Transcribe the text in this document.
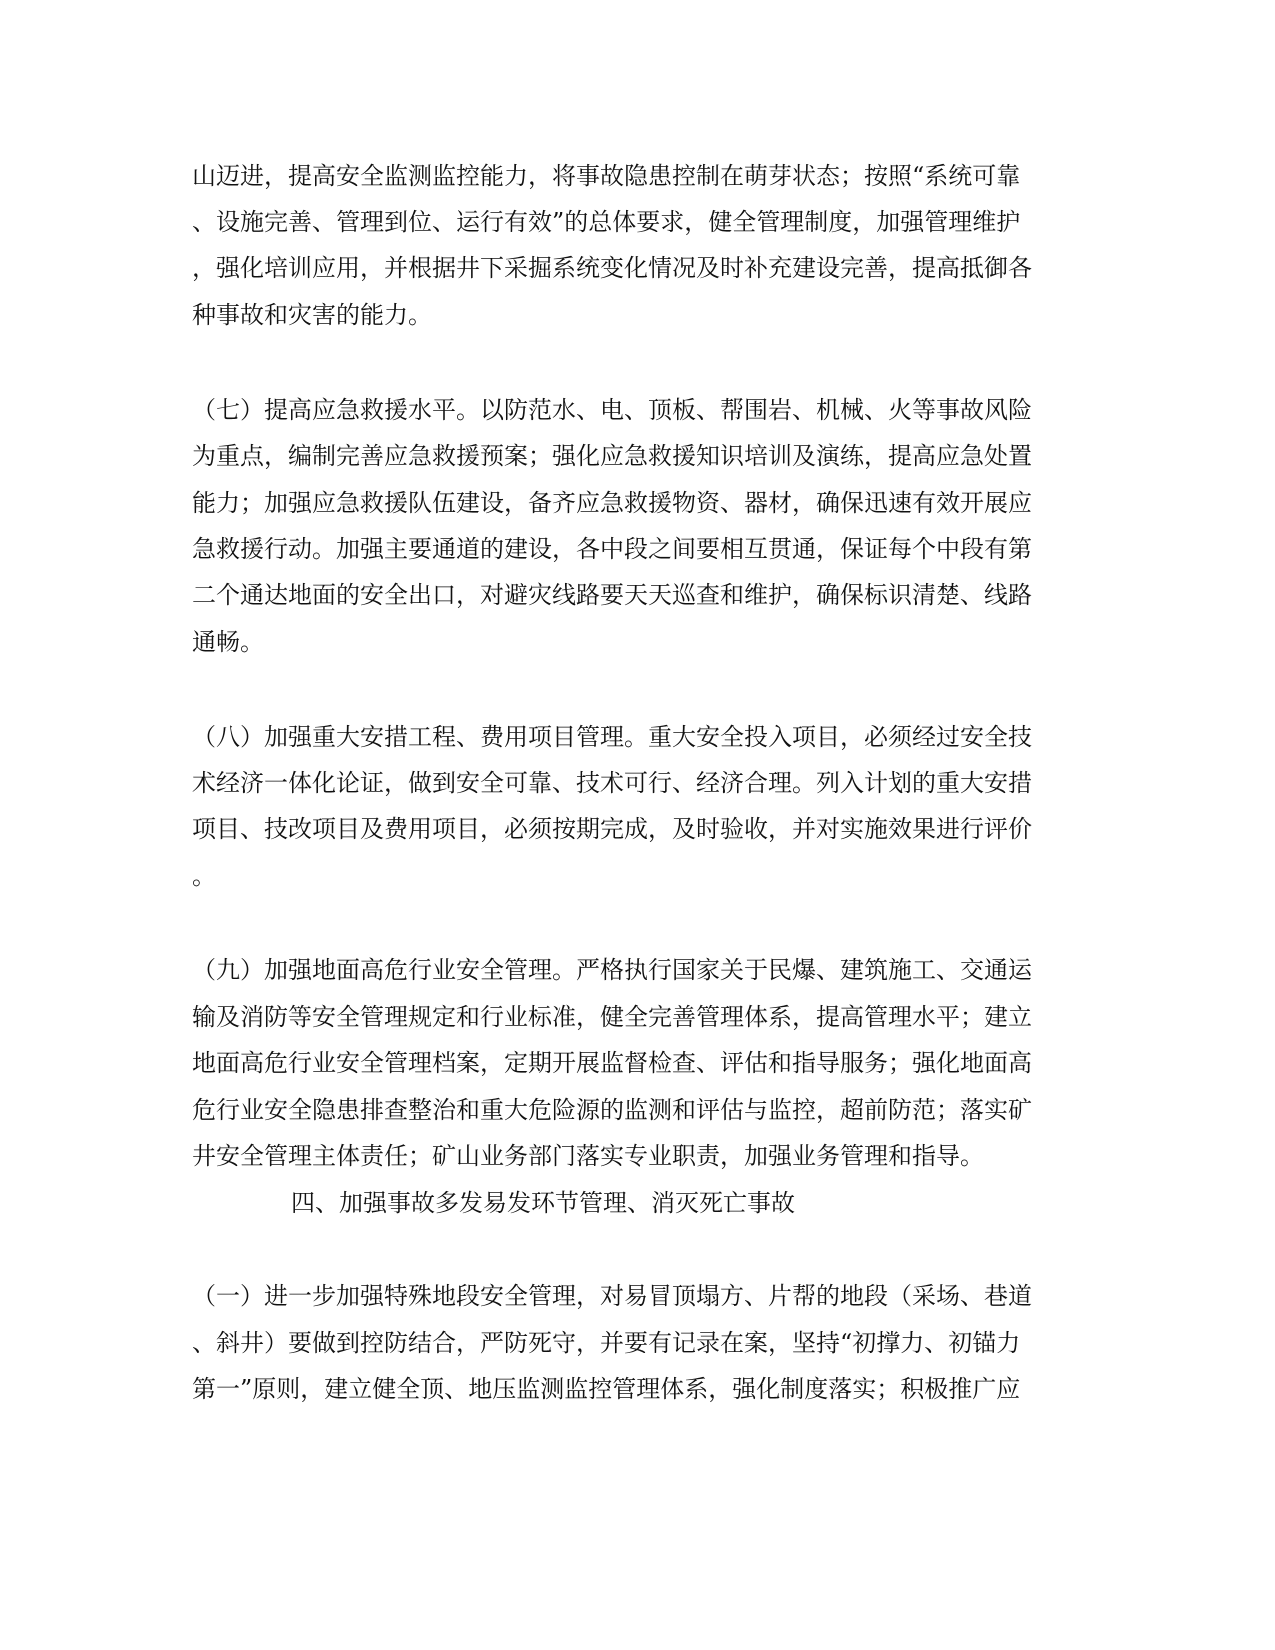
山迈进，提高安全监测监控能力，将事故隐患控制在萌芽状态；按照“系统可靠
、设施完善、管理到位、运行有效”的总体要求，健全管理制度，加强管理维护
，强化培训应用，并根据井下采掘系统变化情况及时补充建设完善，提高抵御各
种事故和灾害的能力。
（七）提高应急救援水平。以防范水、电、顶板、帮围岩、机械、火等事故风险
为重点，编制完善应急救援预案；强化应急救援知识培训及演练，提高应急处置
能力；加强应急救援队伍建设，备齐应急救援物资、器材，确保迅速有效开展应
急救援行动。加强主要通道的建设，各中段之间要相互贯通，保证每个中段有第
二个通达地面的安全出口，对避灾线路要天天巡查和维护，确保标识清楚、线路
通畅。
（八）加强重大安措工程、费用项目管理。重大安全投入项目，必须经过安全技
术经济一体化论证，做到安全可靠、技术可行、经济合理。列入计划的重大安措
项目、技改项目及费用项目，必须按期完成，及时验收，并对实施效果进行评价
。
（九）加强地面高危行业安全管理。严格执行国家关于民爆、建筑施工、交通运
输及消防等安全管理规定和行业标准，健全完善管理体系，提高管理水平；建立
地面高危行业安全管理档案，定期开展监督检查、评估和指导服务；强化地面高
危行业安全隐患排查整治和重大危险源的监测和评估与监控，超前防范；落实矿
井安全管理主体责任；矿山业务部门落实专业职责，加强业务管理和指导。
四、加强事故多发易发环节管理、消灭死亡事故
（一）进一步加强特殊地段安全管理，对易冒顶塌方、片帮的地段（采场、巷道
、斜井）要做到控防结合，严防死守，并要有记录在案，坚持“初撑力、初锚力
第一”原则，建立健全顶、地压监测监控管理体系，强化制度落实；积极推广应
